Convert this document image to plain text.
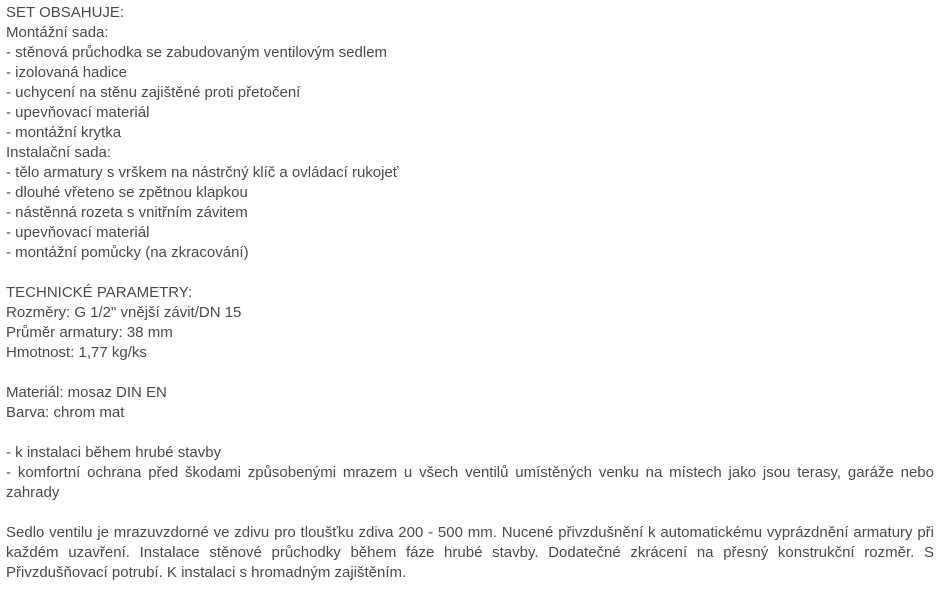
SET OBSAHUJE:
Montážní sada:
- stěnová průchodka se zabudovaným ventilovým sedlem
- izolovaná hadice
- uchycení na stěnu zajištěné proti přetočení
- upevňovací materiál
- montážní krytka
Instalační sada:
- tělo armatury s vrškem na nástrčný klíč a ovládací rukojeť
- dlouhé vřeteno se zpětnou klapkou
- nástěnná rozeta s vnitřním závitem
- upevňovací materiál
- montážní pomůcky (na zkracování)
TECHNICKÉ PARAMETRY:
Rozměry: G 1/2" vnější závit/DN 15
Průměr armatury: 38 mm
Hmotnost: 1,77 kg/ks
Materiál: mosaz DIN EN
Barva: chrom mat
- k instalaci během hrubé stavby
- komfortní ochrana před škodami způsobenými mrazem u všech ventilů umístěných venku na místech jako jsou terasy, garáže nebo zahrady
Sedlo ventilu je mrazuvzdorné ve zdivu pro tloušťku zdiva 200 - 500 mm. Nucené přivzdušnění k automatickému vyprázdnění armatury při každém uzavření. Instalace stěnové průchodky během fáze hrubé stavby. Dodatečné zkrácení na přesný konstrukční rozměr. S Přivzdušňovací potrubí. K instalaci s hromadným zajištěním.
